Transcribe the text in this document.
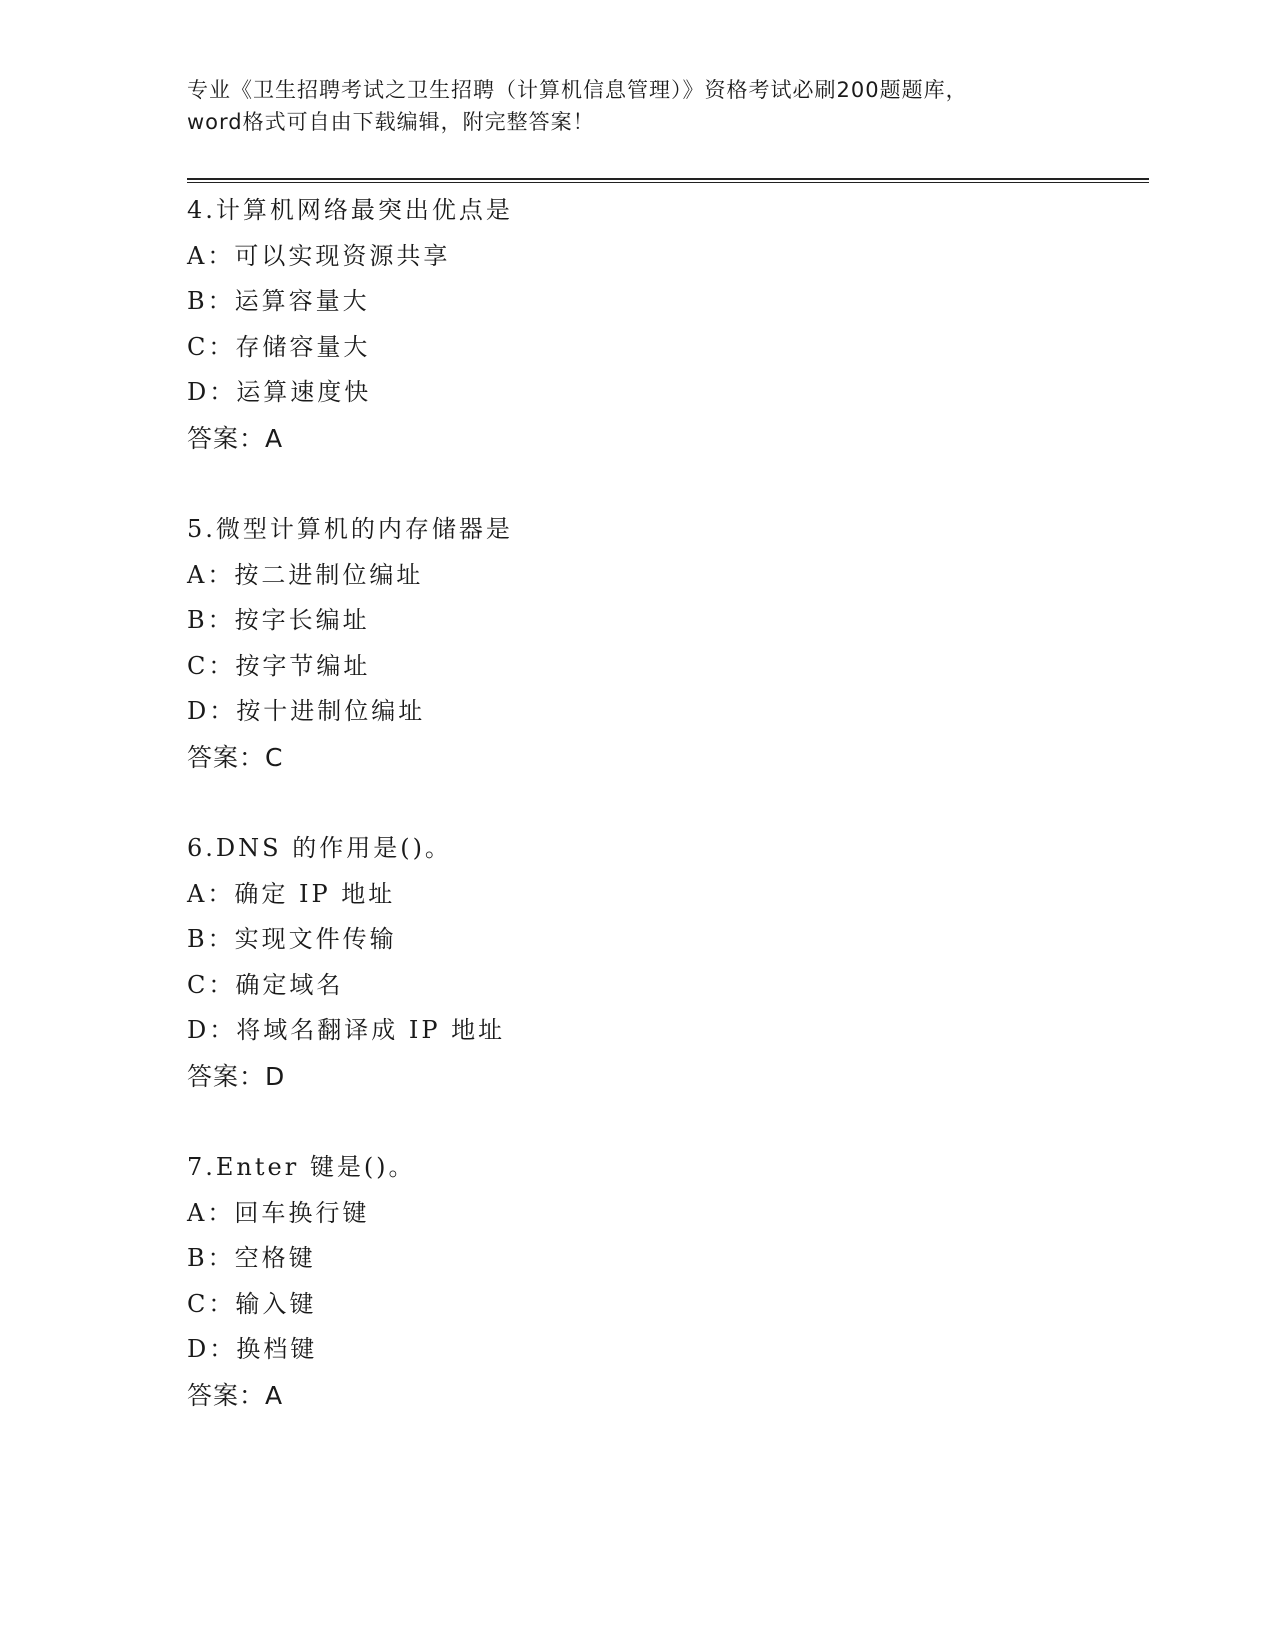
专业《卫生招聘考试之卫生招聘（计算机信息管理）》资格考试必刷200题题库，
word格式可自由下载编辑，附完整答案！
4.计算机网络最突出优点是
A：可以实现资源共享
B：运算容量大
C：存储容量大
D：运算速度快
答案：A
5.微型计算机的内存储器是
A：按二进制位编址
B：按字长编址
C：按字节编址
D：按十进制位编址
答案：C
6.DNS 的作用是()。
A：确定 IP 地址
B：实现文件传输
C：确定域名
D：将域名翻译成 IP 地址
答案：D
7.Enter 键是()。
A：回车换行键
B：空格键
C：输入键
D：换档键
答案：A
